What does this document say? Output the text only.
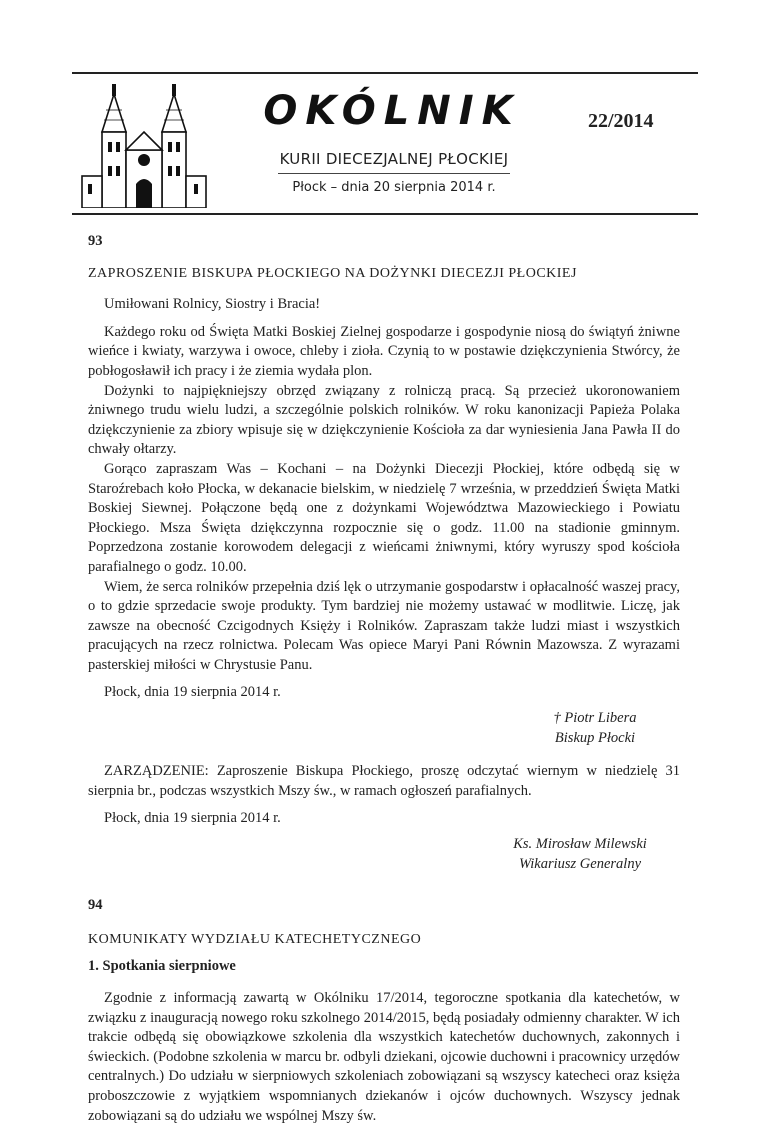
OKÓLNIK	22/2014
KURII DIECEZJALNEJ PŁOCKIEJ
Płock – dnia 20 sierpnia 2014 r.

93

ZAPROSZENIE BISKUPA PŁOCKIEGO NA DOŻYNKI DIECEZJI PŁOCKIEJ

Umiłowani Rolnicy, Siostry i Bracia!

Każdego roku od Święta Matki Boskiej Zielnej gospodarze i gospodynie niosą do świątyń żniwne wieńce i kwiaty, warzywa i owoce, chleby i zioła. Czynią to w postawie dziękczynienia Stwórcy, że pobłogosławił ich pracy i że ziemia wydała plon.

Dożynki to najpiękniejszy obrzęd związany z rolniczą pracą. Są przecież ukoronowaniem żniwnego trudu wielu ludzi, a szczególnie polskich rolników. W roku kanonizacji Papieża Polaka dziękczynienie za zbiory wpisuje się w dziękczynienie Kościoła za dar wyniesienia Jana Pawła II do chwały ołtarzy.

Gorąco zapraszam Was – Kochani – na Dożynki Diecezji Płockiej, które odbędą się w Staroźrebach koło Płocka, w dekanacie bielskim, w niedzielę 7 września, w przeddzień Święta Matki Boskiej Siewnej. Połączone będą one z dożynkami Województwa Mazowieckiego i Powiatu Płockiego. Msza Święta dziękczynna rozpocznie się o godz. 11.00 na stadionie gminnym. Poprzedzona zostanie korowodem delegacji z wieńcami żniwnymi, który wyruszy spod kościoła parafialnego o godz. 10.00.

Wiem, że serca rolników przepełnia dziś lęk o utrzymanie gospodarstw i opłacalność waszej pracy, o to gdzie sprzedacie swoje produkty. Tym bardziej nie możemy ustawać w modlitwie. Liczę, jak zawsze na obecność Czcigodnych Księży i Rolników. Zapraszam także ludzi miast i wszystkich pracujących na rzecz rolnictwa. Polecam Was opiece Maryi Pani Równin Mazowsza. Z wyrazami pasterskiej miłości w Chrystusie Panu.

Płock, dnia 19 sierpnia 2014 r.

† Piotr Libera
Biskup Płocki

ZARZĄDZENIE: Zaproszenie Biskupa Płockiego, proszę odczytać wiernym w niedzielę 31 sierpnia br., podczas wszystkich Mszy św., w ramach ogłoszeń parafialnych.

Płock, dnia 19 sierpnia 2014 r.

Ks. Mirosław Milewski
Wikariusz Generalny

94

KOMUNIKATY WYDZIAŁU KATECHETYCZNEGO

1. Spotkania sierpniowe

Zgodnie z informacją zawartą w Okólniku 17/2014, tegoroczne spotkania dla katechetów, w związku z inauguracją nowego roku szkolnego 2014/2015, będą posiadały odmienny charakter. W ich trakcie odbędą się obowiązkowe szkolenia dla wszystkich katechetów duchownych, zakonnych i świeckich. (Podobne szkolenia w marcu br. odbyli dziekani, ojcowie duchowni i pracownicy urzędów centralnych.) Do udziału w sierpniowych szkoleniach zobowiązani są wszyscy katecheci oraz księża proboszczowie z wyjątkiem wspomnianych dziekanów i ojców duchownych. Wszyscy jednak zobowiązani są do udziału we wspólnej Mszy św.
